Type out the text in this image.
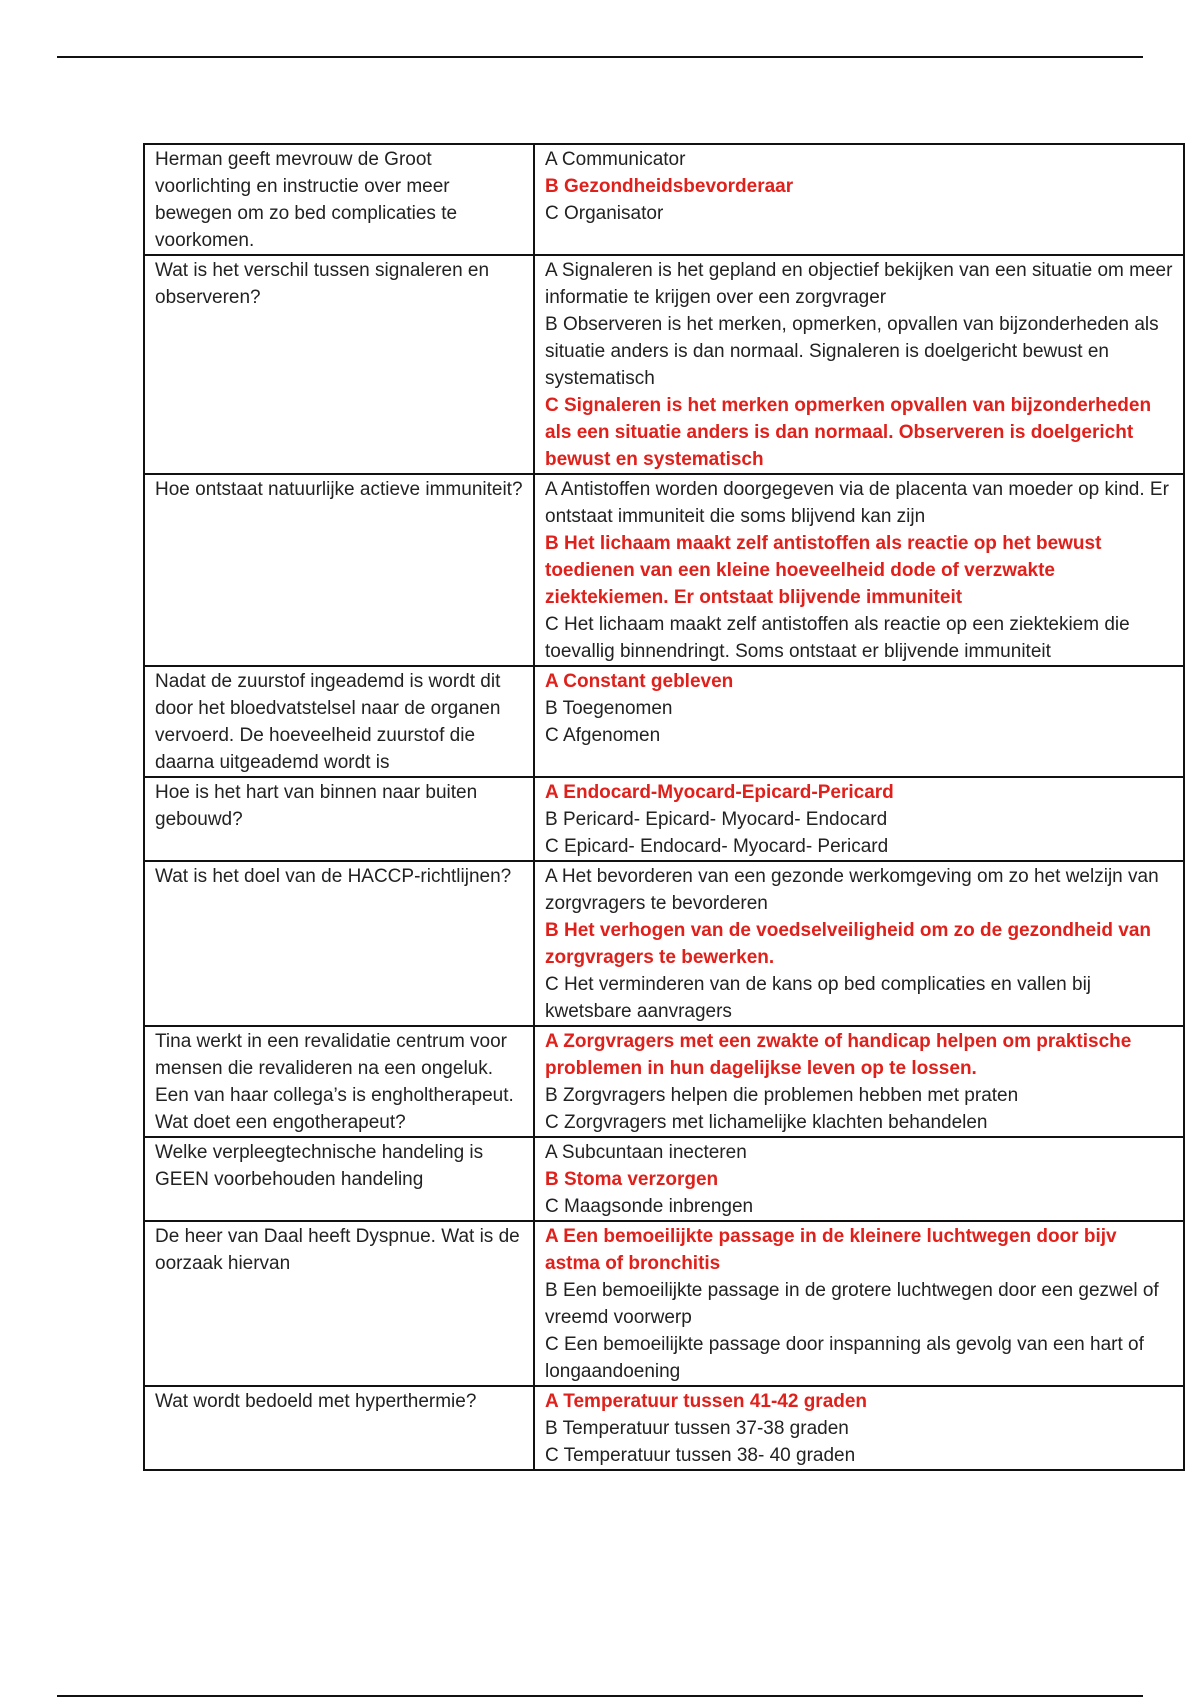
Herman geeft mevrouw de Groot voorlichting en instructie over meer bewegen om zo bed complicaties te voorkomen.	A Communicator
B Gezondheidsbevorderaar
C Organisator

Wat is het verschil tussen signaleren en observeren?	A Signaleren is het gepland en objectief bekijken van een situatie om meer informatie te krijgen over een zorgvrager
B Observeren is het merken, opmerken, opvallen van bijzonderheden als situatie anders is dan normaal. Signaleren is doelgericht bewust en systematisch
C Signaleren is het merken opmerken opvallen van bijzonderheden als een situatie anders is dan normaal. Observeren is doelgericht bewust en systematisch

Hoe ontstaat natuurlijke actieve immuniteit?	A Antistoffen worden doorgegeven via de placenta van moeder op kind. Er ontstaat immuniteit die soms blijvend kan zijn
B Het lichaam maakt zelf antistoffen als reactie op het bewust toedienen van een kleine hoeveelheid dode of verzwakte ziektekiemen. Er ontstaat blijvende immuniteit
C Het lichaam maakt zelf antistoffen als reactie op een ziektekiem die toevallig binnendringt. Soms ontstaat er blijvende immuniteit

Nadat de zuurstof ingeademd is wordt dit door het bloedvatstelsel naar de organen vervoerd. De hoeveelheid zuurstof die daarna uitgeademd wordt is	A Constant gebleven
B Toegenomen
C Afgenomen

Hoe is het hart van binnen naar buiten gebouwd?	A Endocard-Myocard-Epicard-Pericard
B Pericard- Epicard- Myocard- Endocard
C Epicard- Endocard- Myocard- Pericard

Wat is het doel van de HACCP-richtlijnen?	A Het bevorderen van een gezonde werkomgeving om zo het welzijn van zorgvragers te bevorderen
B Het verhogen van de voedselveiligheid om zo de gezondheid van zorgvragers te bewerken.
C Het verminderen van de kans op bed complicaties en vallen bij kwetsbare aanvragers

Tina werkt in een revalidatie centrum voor mensen die revalideren na een ongeluk. Een van haar collega’s is engholtherapeut. Wat doet een engotherapeut?	A Zorgvragers met een zwakte of handicap helpen om praktische problemen in hun dagelijkse leven op te lossen.
B Zorgvragers helpen die problemen hebben met praten
C Zorgvragers met lichamelijke klachten behandelen

Welke verpleegtechnische handeling is GEEN voorbehouden handeling	A Subcuntaan inecteren
B Stoma verzorgen
C Maagsonde inbrengen

De heer van Daal heeft Dyspnue. Wat is de oorzaak hiervan	A Een bemoeilijkte passage in de kleinere luchtwegen door bijv astma of bronchitis
B Een bemoeilijkte passage in de grotere luchtwegen door een gezwel of vreemd voorwerp
C Een bemoeilijkte passage door inspanning als gevolg van een hart of longaandoening

Wat wordt bedoeld met hyperthermie?	A Temperatuur tussen 41-42 graden
B Temperatuur tussen 37-38 graden
C Temperatuur tussen 38- 40 graden
